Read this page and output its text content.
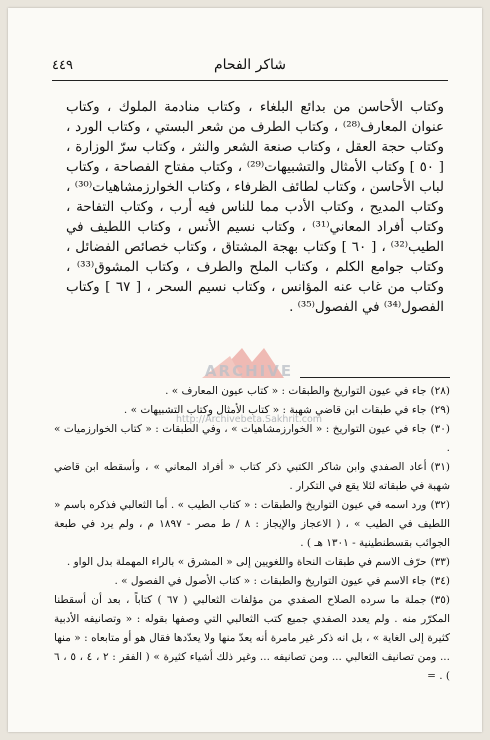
شاكر الفحام
٤٤٩

وكتاب الأحاسن من بدائع البلغاء ، وكتاب منادمة الملوك ، وكتاب عنوان المعارف⁽²⁸⁾ ، وكتاب الطرف من شعر البستي ، وكتاب الورد ، وكتاب حجة العقل ، وكتاب صنعة الشعر والنثر ، وكتاب سرّ الوزارة ، [ ٥٠ ] وكتاب الأمثال والتشبيهات⁽²⁹⁾ ، وكتاب مفتاح الفصاحة ، وكتاب لباب الأحاسن ، وكتاب لطائف الظرفاء ، وكتاب الخوارزمشاهيات⁽³⁰⁾ ، وكتاب المديح ، وكتاب الأدب مما للناس فيه أرب ، وكتاب التفاحة ، وكتاب أفراد المعاني⁽³¹⁾ ، وكتاب نسيم الأنس ، وكتاب اللطيف في الطيب⁽³²⁾ ، [ ٦٠ ] وكتاب بهجة المشتاق ، وكتاب خصائص الفضائل ، وكتاب جوامع الكلم ، وكتاب الملح والطرف ، وكتاب المشوق⁽³³⁾ ، وكتاب من غاب عنه المؤانس ، وكتاب نسيم السحر ، [ ٦٧ ] وكتاب الفصول⁽³⁴⁾ في الفصول⁽³⁵⁾ .

ARCHIVE
http://Archivebeta.Sakhrit.com

(٢٨)جاء في عيون التواريخ والطبقات : « كتاب عيون المعارف » .

(٢٩)جاء في طبقات ابن قاضي شهبة : « كتاب الأمثال وكتاب التشبيهات » .

(٣٠)جاء في عيون التواريخ : « الخوارزمشاهيات » ، وفي الطبقات : « كتاب الخوارزميات » .

(٣١)أعاد الصفدي وابن شاكر الكتبي ذكر كتاب « أفراد المعاني » ، وأسقطه ابن قاضي شهبة في طبقاته لئلا يقع في التكرار .

(٣٢)ورد اسمه في عيون التواريخ والطبقات : « كتاب الطيب » . أما الثعالبي فذكره باسم « اللطيف في الطيب » ، ( الاعجاز والإيجاز : ٨ / ط مصر - ١٨٩٧ م ، ولم يرد في طبعة الجوائب بقسطنطينية - ١٣٠١ هـ ) .

(٣٣)حرّف الاسم في طبقات النحاة واللغويين إلى « المشرق » بالراء المهملة بدل الواو .

(٣٤)جاء الاسم في عيون التواريخ والطبقات : « كتاب الأصول في الفصول » .

(٣٥)جملة ما سرده الصلاح الصفدي من مؤلفات الثعالبي ( ٦٧ ) كتاباً ، بعد أن أسقطنا المكرّر منه . ولم يعدد الصفدي جميع كتب الثعالبي التي وصفها بقوله : « وتصانيفه الأدبية كثيرة إلى الغاية » ، بل انه ذكر غير مامرة أنه يعدّ منها ولا يعدّدها فقال هو أو متابعاه : « منها ... ومن تصانيف الثعالبي ... ومن تصانيفه ... وغير ذلك أشياء كثيرة » ( الفقر : ٢ ، ٤ ، ٥ ، ٦ ) . =
